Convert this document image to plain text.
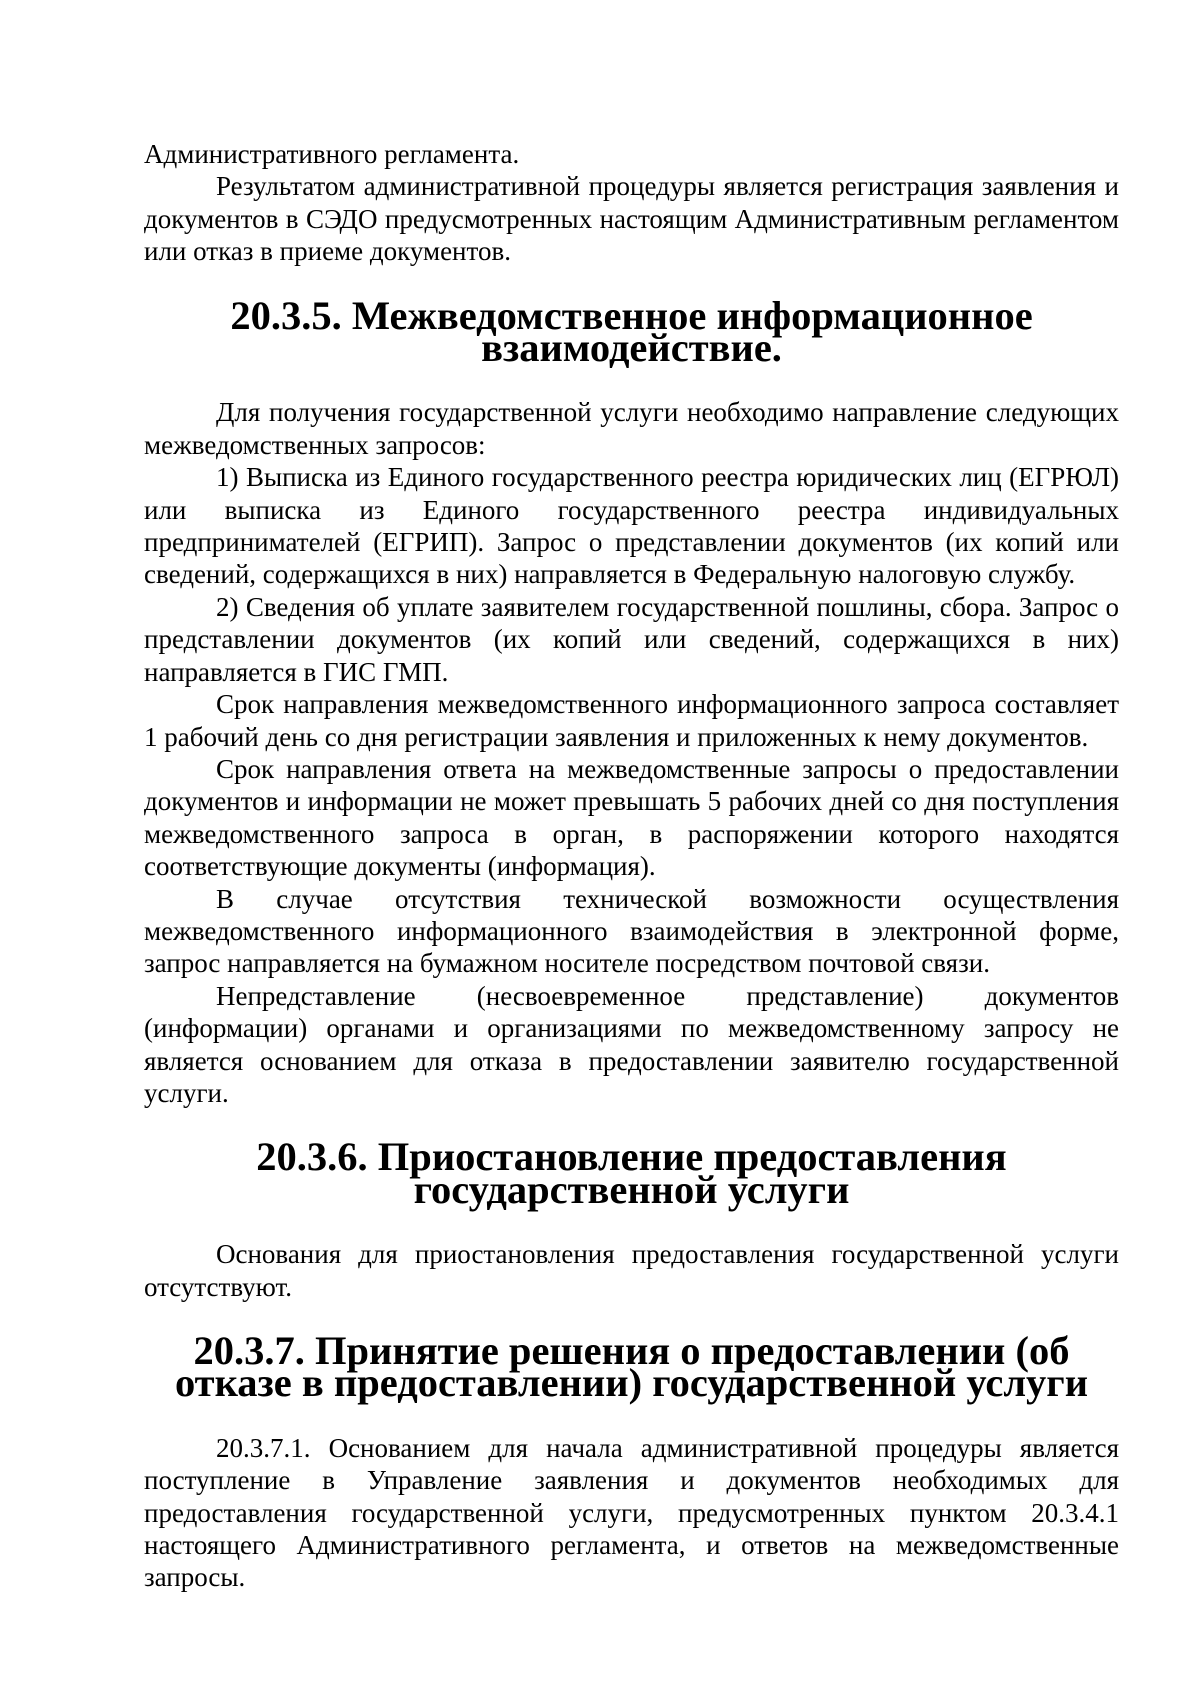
Административного регламента.

Результатом административной процедуры является регистрация заявления и документов в СЭДО предусмотренных настоящим Административным регламентом или отказ в приеме документов.

20.3.5. Межведомственное информационное взаимодействие.

Для получения государственной услуги необходимо направление следующих межведомственных запросов:

1) Выписка из Единого государственного реестра юридических лиц (ЕГРЮЛ) или выписка из Единого государственного реестра индивидуальных предпринимателей (ЕГРИП). Запрос о представлении документов (их копий или сведений, содержащихся в них) направляется в Федеральную налоговую службу.

2) Сведения об уплате заявителем государственной пошлины, сбора. Запрос о представлении документов (их копий или сведений, содержащихся в них) направляется в ГИС ГМП.

Срок направления межведомственного информационного запроса составляет 1 рабочий день со дня регистрации заявления и приложенных к нему документов.

Срок направления ответа на межведомственные запросы о предоставлении документов и информации не может превышать 5 рабочих дней со дня поступления межведомственного запроса в орган, в распоряжении которого находятся соответствующие документы (информация).

В случае отсутствия технической возможности осуществления межведомственного информационного взаимодействия в электронной форме, запрос направляется на бумажном носителе посредством почтовой связи.

Непредставление (несвоевременное представление) документов (информации) органами и организациями по межведомственному запросу не является основанием для отказа в предоставлении заявителю государственной услуги.

20.3.6. Приостановление предоставления государственной услуги

Основания для приостановления предоставления государственной услуги отсутствуют.

20.3.7. Принятие решения о предоставлении (об отказе в предоставлении) государственной услуги

20.3.7.1. Основанием для начала административной процедуры является поступление в Управление заявления и документов необходимых для предоставления государственной услуги, предусмотренных пунктом 20.3.4.1 настоящего Административного регламента, и ответов на межведомственные запросы.
